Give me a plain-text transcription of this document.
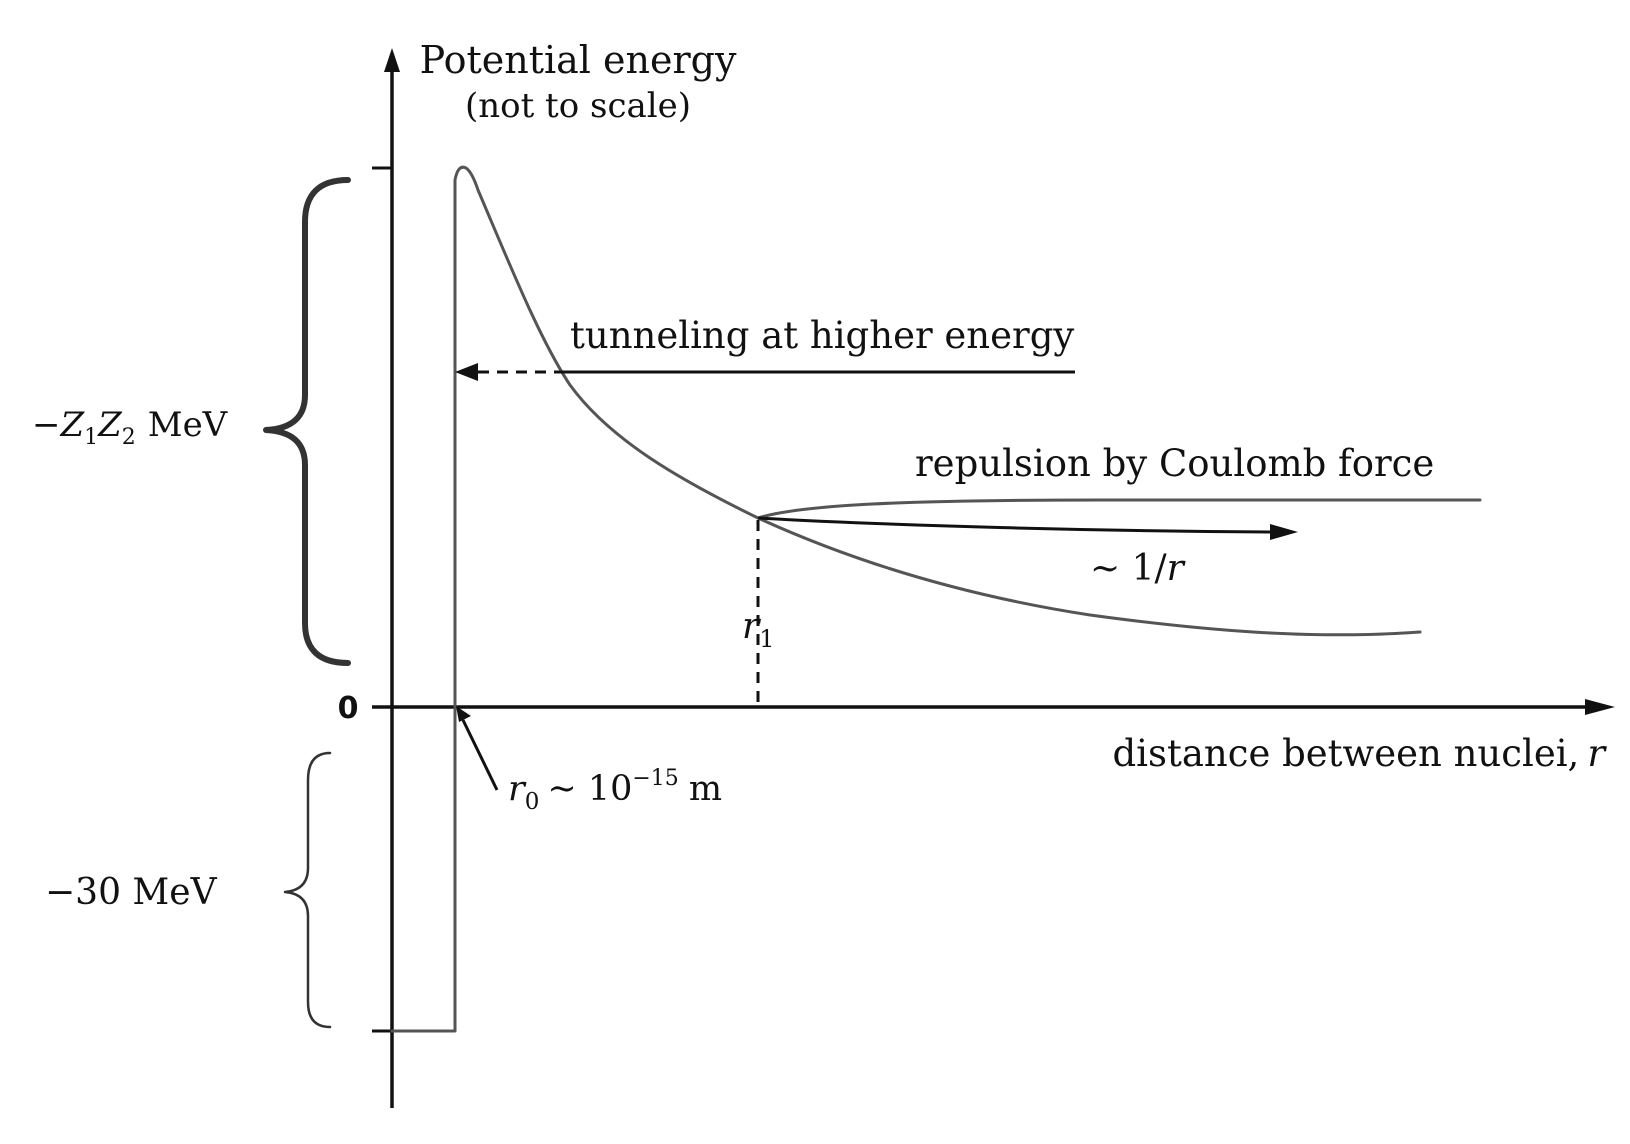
Potential energy
(not to scale)
0
$-Z_1Z_2$ MeV
−30 MeV
tunneling at higher energy
repulsion by Coulomb force
∼ 1/r
$r_1$
$r_0$ ∼ $10^{-15}$ m
distance between nuclei, r
